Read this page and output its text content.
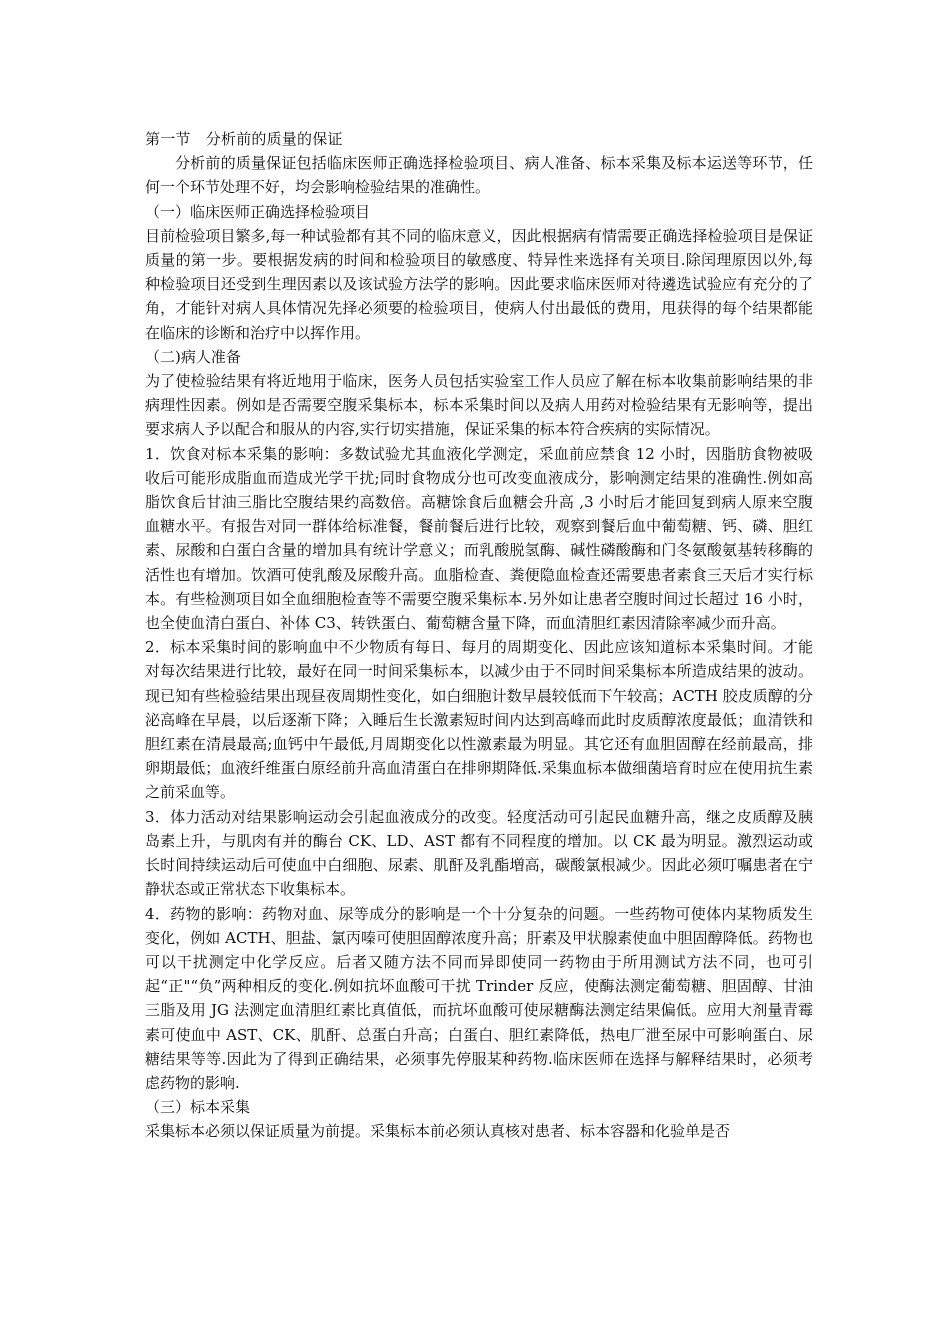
第一节　分析前的质量的保证

分析前的质量保证包括临床医师正确选择检验项目、病人准备、标本采集及标本运送等环节，任何一个环节处理不好，均会影响检验结果的准确性。

（一）临床医师正确选择检验项目

目前检验项目繁多,每一种试验都有其不同的临床意义，因此根据病有情需要正确选择检验项目是保证质量的第一步。要根据发病的时间和检验项目的敏感度、特异性来选择有关项目.除闰理原因以外,每种检验项目还受到生理因素以及该试验方法学的影响。因此要求临床医师对待遴选试验应有充分的了角，才能针对病人具体情况先择必须要的检验项目，使病人付出最低的费用，甩获得的每个结果都能在临床的诊断和治疗中以挥作用。

（二)病人准备

为了使检验结果有将近地用于临床，医务人员包括实验室工作人员应了解在标本收集前影响结果的非病理性因素。例如是否需要空腹采集标本，标本采集时间以及病人用药对检验结果有无影响等，提出要求病人予以配合和服从的内容,实行切实措施，保证采集的标本符合疾病的实际情况。

1．饮食对标本采集的影响：多数试验尤其血液化学测定，采血前应禁食 12 小时，因脂肪食物被吸收后可能形成脂血而造成光学干扰;同时食物成分也可改变血液成分，影响测定结果的准确性.例如高脂饮食后甘油三脂比空腹结果约高数倍。高糖馀食后血糖会升高 ,3 小时后才能回复到病人原来空腹血糖水平。有报告对同一群体给标准餐，餐前餐后进行比较，观察到餐后血中葡萄糖、钙、磷、胆红素、尿酸和白蛋白含量的增加具有统计学意义；而乳酸脱氢酶、碱性磷酸酶和门冬氨酸氨基转移酶的活性也有增加。饮酒可使乳酸及尿酸升高。血脂检查、粪便隐血检查还需要患者素食三天后才实行标本。有些检测项目如全血细胞检查等不需要空腹采集标本.另外如让患者空腹时间过长超过 16 小时，也全使血清白蛋白、补体 C3、转铁蛋白、葡萄糖含量下降，而血清胆红素因清除率减少而升高。

2．标本采集时间的影响血中不少物质有每日、每月的周期变化、因此应该知道标本采集时间。才能对每次结果进行比较，最好在同一时间采集标本，以减少由于不同时间采集标本所造成结果的波动。现已知有些检验结果出现昼夜周期性变化，如白细胞计数早晨较低而下午较高；ACTH 胶皮质醇的分泌高峰在早晨，以后逐渐下降；入睡后生长激素短时间内达到高峰而此时皮质醇浓度最低；血清铁和胆红素在清晨最高;血钙中午最低,月周期变化以性激素最为明显。其它还有血胆固醇在经前最高，排卵期最低；血液纤维蛋白原经前升高血清蛋白在排卵期降低.采集血标本做细菌培育时应在使用抗生素之前采血等。

3．体力活动对结果影响运动会引起血液成分的改变。轻度活动可引起民血糖升高，继之皮质醇及胰岛素上升，与肌肉有并的酶台 CK、LD、AST 都有不同程度的增加。以 CK 最为明显。激烈运动或长时间持续运动后可使血中白细胞、尿素、肌酐及乳酯増高，碳酸氯根减少。因此必须叮嘱患者在宁静状态或正常状态下收集标本。

4．药物的影响：药物对血、尿等成分的影响是一个十分复杂的问题。一些药物可使体内某物质发生变化，例如 ACTH、胆盐、氯丙嗪可使胆固醇浓度升高；肝素及甲状腺素使血中胆固醇降低。药物也可以干扰测定中化学反应。后者又随方法不同而异即使同一药物由于所用测试方法不同，也可引起“正"“负”两种相反的变化.例如抗坏血酸可干扰 Trinder 反应，使酶法测定葡萄糖、胆固醇、甘油三脂及用 JG 法测定血清胆红素比真值低，而抗坏血酸可使尿糖酶法测定结果偏低。应用大剂量青霉素可使血中 AST、CK、肌酐、总蛋白升高；白蛋白、胆红素降低，热电厂泄至尿中可影响蛋白、尿糖结果等等.因此为了得到正确结果，必须事先停服某种药物.临床医师在选择与解释结果时，必须考虑药物的影响.

（三）标本采集

采集标本必须以保证质量为前提。采集标本前必须认真核对患者、标本容器和化验单是否
